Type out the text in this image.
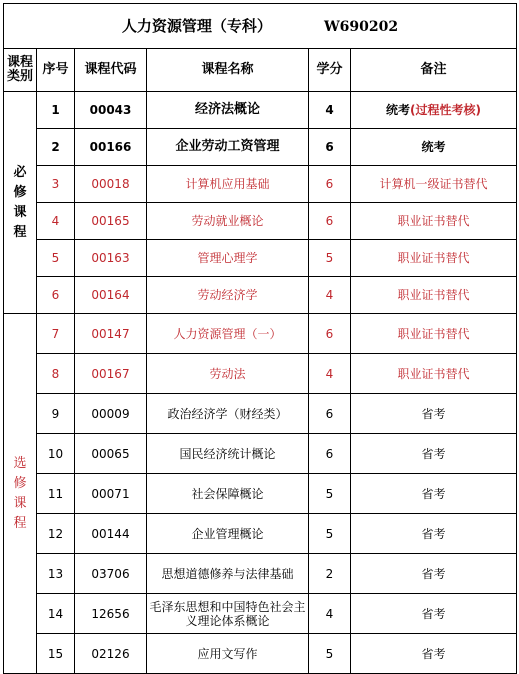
人力资源管理（专科） W690202					
课程类别	序号	课程代码	课程名称	学分	备注

必
修
课
程	1	00043	经济法概论	4	统考(过程性考核)
	2	00166	企业劳动工资管理	6	统考
	3	00018	计算机应用基础	6	计算机一级证书替代
	4	00165	劳动就业概论	6	职业证书替代
	5	00163	管理心理学	5	职业证书替代
	6	00164	劳动经济学	4	职业证书替代

选
修
课
程	7	00147	人力资源管理（一）	6	职业证书替代
	8	00167	劳动法	4	职业证书替代
	9	00009	政治经济学（财经类）	6	省考
	10	00065	国民经济统计概论	6	省考
	11	00071	社会保障概论	5	省考
	12	00144	企业管理概论	5	省考
	13	03706	思想道德修养与法律基础	2	省考
	14	12656	毛泽东思想和中国特色社会主义理论体系概论	4	省考
	15	02126	应用文写作	5	省考
